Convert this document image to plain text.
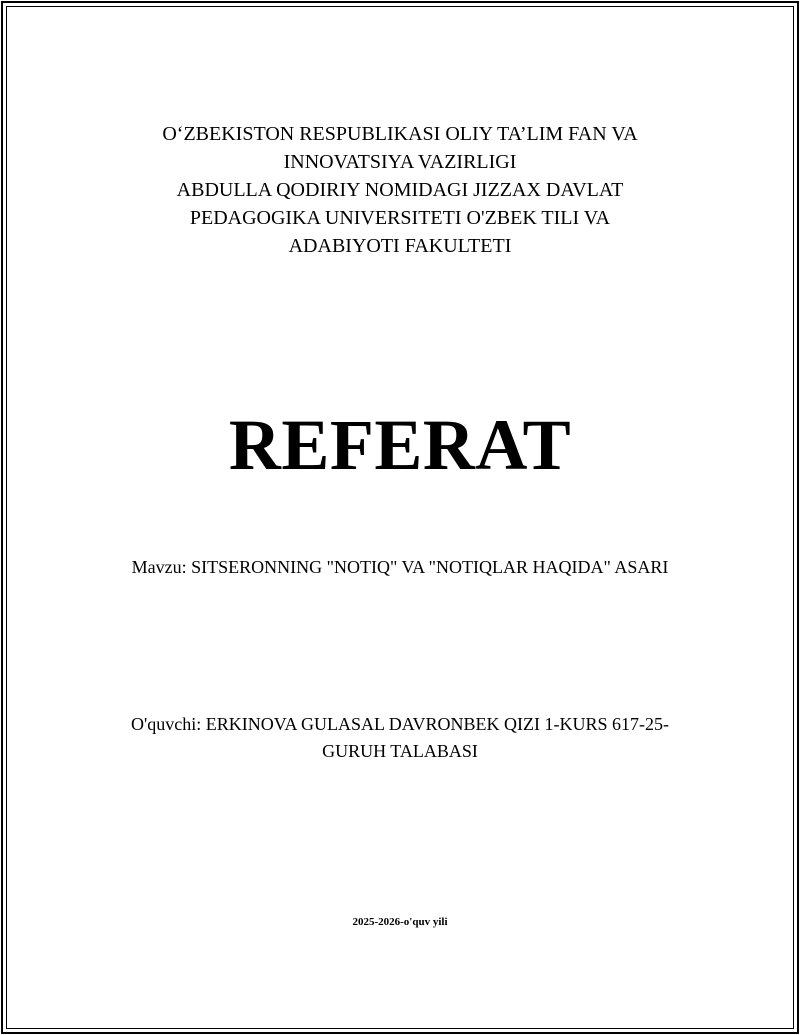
O‘ZBEKISTON RESPUBLIKASI OLIY TA’LIM FAN VA
INNOVATSIYA VAZIRLIGI
ABDULLA QODIRIY NOMIDAGI JIZZAX DAVLAT
PEDAGOGIKA UNIVERSITETI O'ZBEK TILI VA
ADABIYOTI FAKULTETI
REFERAT
Mavzu: SITSERONNING "NOTIQ" VA "NOTIQLAR HAQIDA" ASARI
O'quvchi: ERKINOVA GULASAL DAVRONBEK QIZI 1-KURS 617-25-
GURUH TALABASI
2025-2026-o'quv yili
